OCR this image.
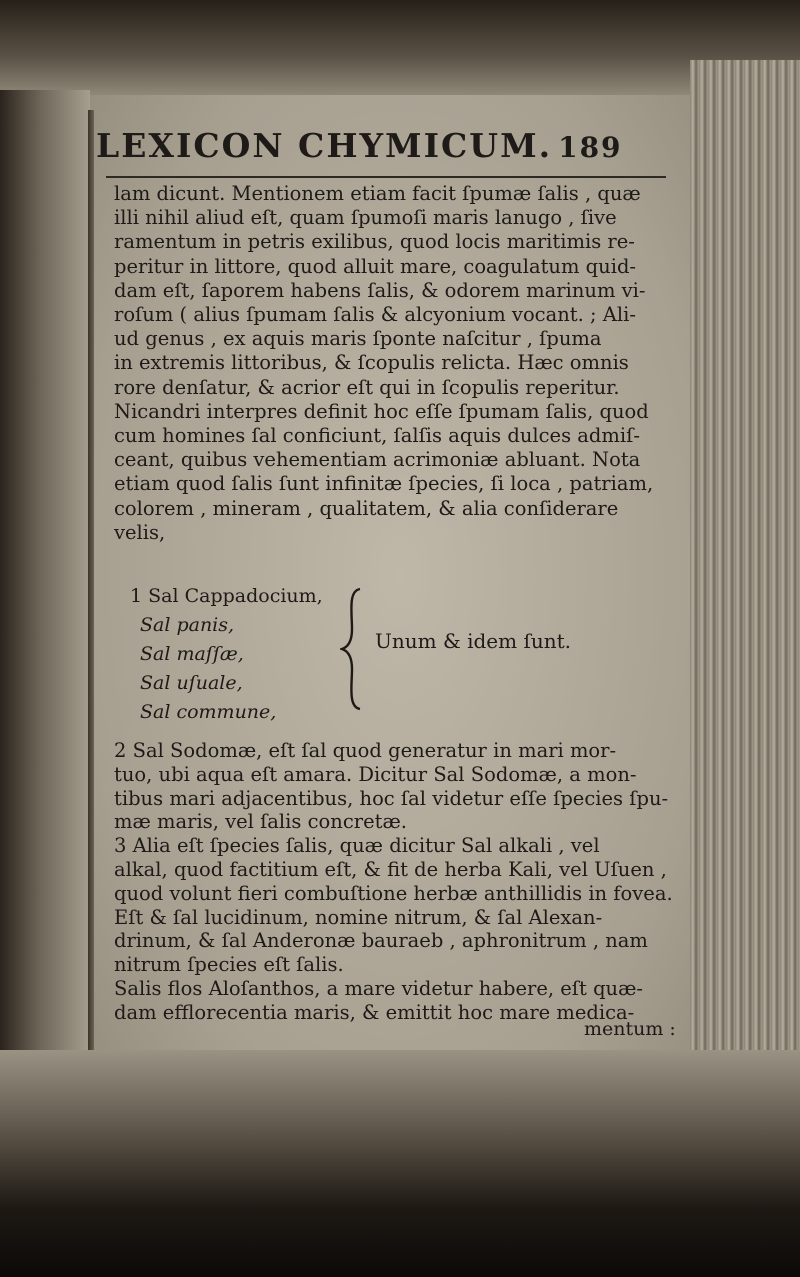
LEXICON CHYMICUM. 189

lam dicunt. Mentionem etiam facit ſpumæ ſalis , quæ

illi nihil aliud eſt, quam ſpumoſi maris lanugo , ſive

ramentum in petris exilibus, quod locis maritimis re-

peritur in littore, quod alluit mare, coagulatum quid-

dam eſt, ſaporem habens ſalis, & odorem marinum vi-

roſum ( alius ſpumam ſalis & alcyonium vocant. ; Ali-

ud genus , ex aquis maris ſponte naſcitur , ſpuma

in extremis littoribus, & ſcopulis relicta. Hæc omnis

rore denſatur, & acrior eſt qui in ſcopulis reperitur.

Nicandri interpres definit hoc eſſe ſpumam ſalis, quod

cum homines ſal conficiunt, ſalſis aquis dulces admiſ-

ceant, quibus vehementiam acrimoniæ abluant. Nota

etiam quod ſalis ſunt infinitæ ſpecies, ſi loca , patriam,

colorem , mineram , qualitatem, & alia conſiderare

velis,

1 Sal Cappadocium,
Sal panis,
Sal maſſæ,
Sal uſuale,
Sal commune,
Unum & idem ſunt.

2 Sal Sodomæ, eſt ſal quod generatur in mari mor-

tuo, ubi aqua eſt amara. Dicitur Sal Sodomæ, a mon-

tibus mari adjacentibus, hoc ſal videtur eſſe ſpecies ſpu-

mæ maris, vel ſalis concretæ.

3 Alia eſt ſpecies ſalis, quæ dicitur Sal alkali , vel

alkal, quod factitium eſt, & fit de herba Kali, vel Uſuen ,

quod volunt fieri combuſtione herbæ anthillidis in fovea.

Eſt & ſal lucidinum, nomine nitrum, & ſal Alexan-

drinum, & ſal Anderonæ bauraeb , aphronitrum , nam

nitrum ſpecies eſt ſalis.

Salis flos Aloſanthos, a mare videtur habere, eſt quæ-

dam efflorecentia maris, & emittit hoc mare medica-

mentum :
